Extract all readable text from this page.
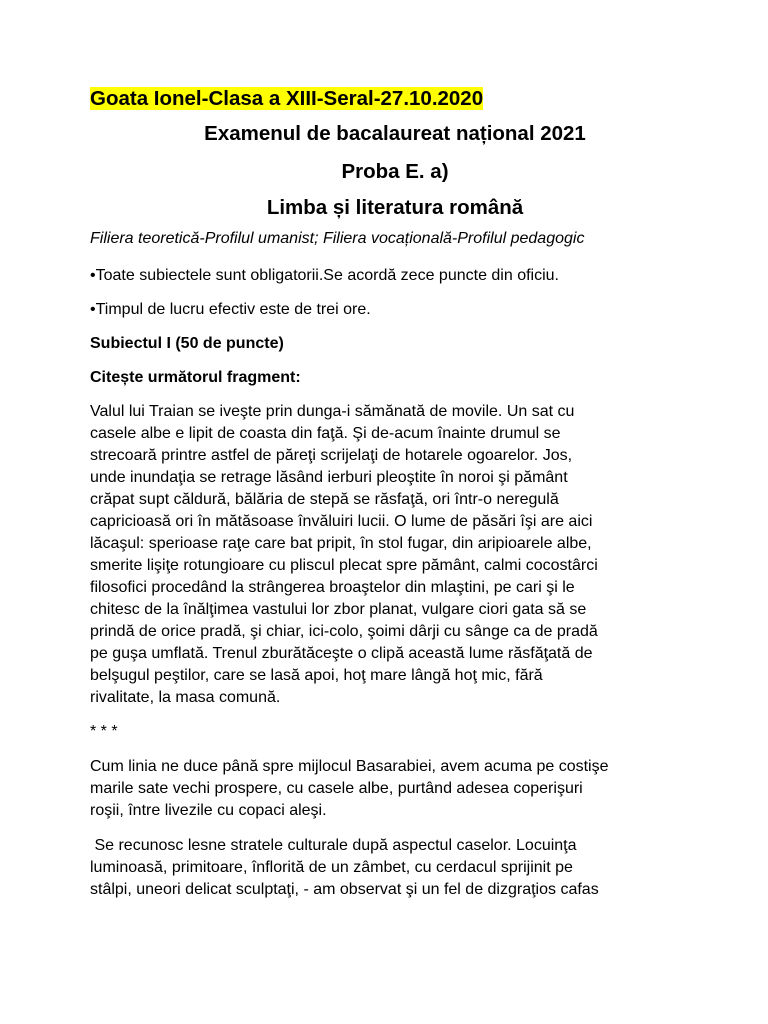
Goata Ionel-Clasa a XIII-Seral-27.10.2020

Examenul de bacalaureat național 2021

Proba E. a)

Limba și literatura română

Filiera teoretică-Profilul umanist; Filiera vocațională-Profilul pedagogic

•Toate subiectele sunt obligatorii.Se acordă zece puncte din oficiu.

•Timpul de lucru efectiv este de trei ore.

Subiectul I (50 de puncte)

Citește următorul fragment:

Valul lui Traian se iveşte prin dunga-i sămănată de movile. Un sat cu
casele albe e lipit de coasta din faţă. Şi de-acum înainte drumul se
strecoară printre astfel de păreţi scrijelaţi de hotarele ogoarelor. Jos,
unde inundaţia se retrage lăsând ierburi pleoştite în noroi şi pământ
crăpat supt căldură, bălăria de stepă se răsfaţă, ori într-o neregulă
capricioasă ori în mătăsoase învăluiri lucii. O lume de păsări îşi are aici
lăcaşul: sperioase raţe care bat pripit, în stol fugar, din aripioarele albe,
smerite lişiţe rotungioare cu pliscul plecat spre pământ, calmi cocostârci
filosofici procedând la strângerea broaştelor din mlaştini, pe cari şi le
chitesc de la înălţimea vastului lor zbor planat, vulgare ciori gata să se
prindă de orice pradă, şi chiar, ici-colo, şoimi dârji cu sânge ca de pradă
pe guşa umflată. Trenul zburătăceşte o clipă această lume răsfăţată de
belşugul peştilor, care se lasă apoi, hoţ mare lângă hoţ mic, fără
rivalitate, la masa comună.

* * *

Cum linia ne duce până spre mijlocul Basarabiei, avem acuma pe costişe
marile sate vechi prospere, cu casele albe, purtând adesea coperişuri
roşii, între livezile cu copaci aleşi.

Se recunosc lesne stratele culturale după aspectul caselor. Locuinţa
luminoasă, primitoare, înflorită de un zâmbet, cu cerdacul sprijinit pe
stâlpi, uneori delicat sculptaţi, - am observat şi un fel de dizgraţios cafas
